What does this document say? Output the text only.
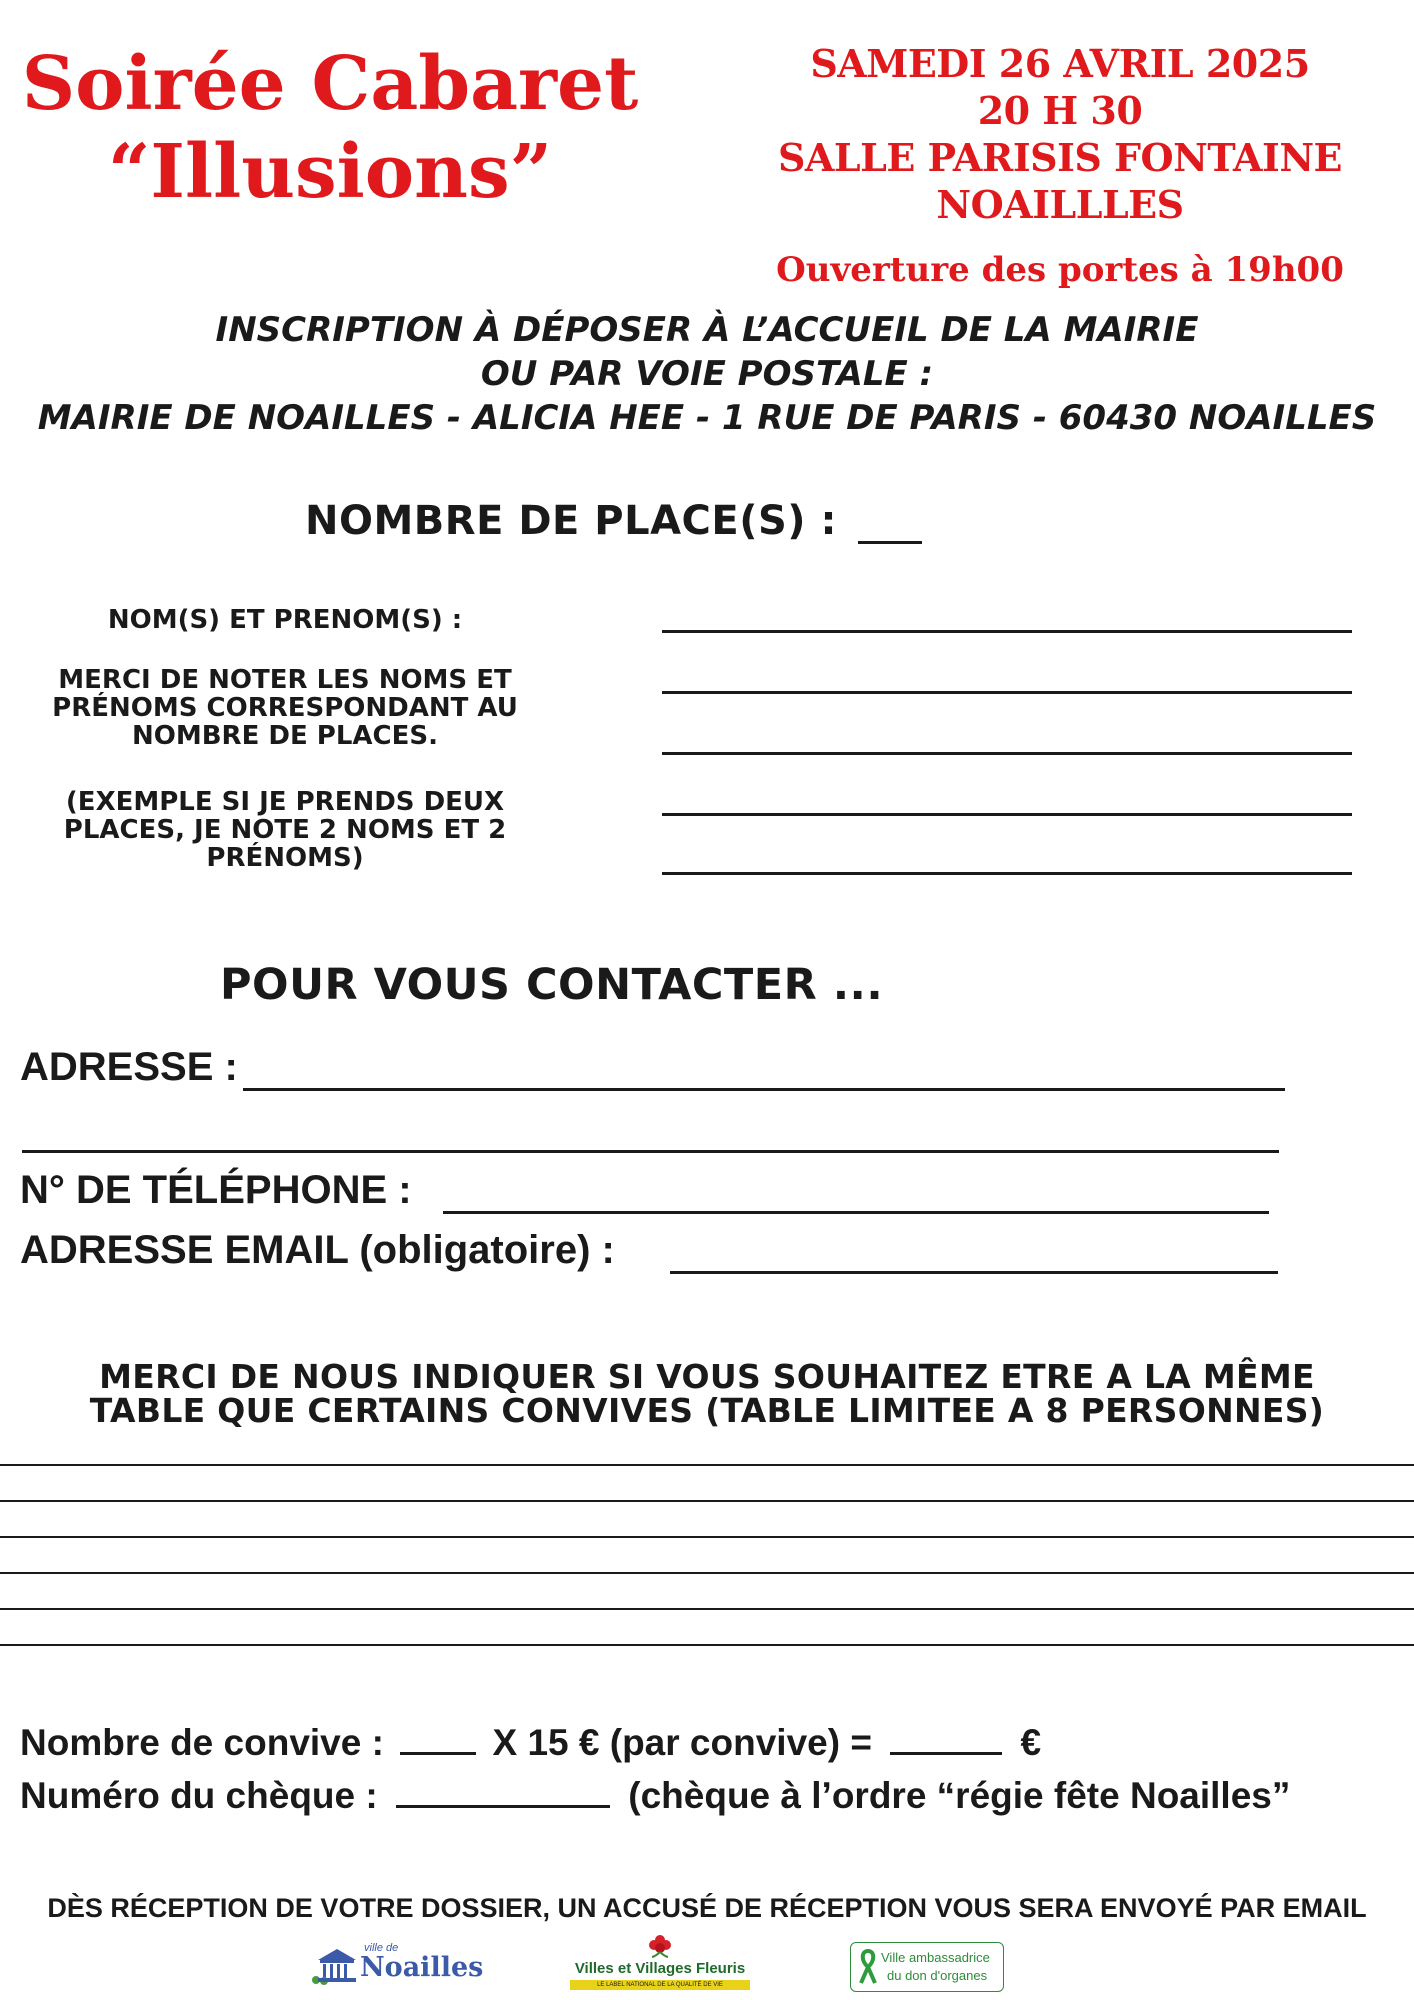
Soirée Cabaret
“Illusions”
SAMEDI 26 AVRIL 2025
20 H 30
SALLE PARISIS FONTAINE
NOAILLLES
Ouverture des portes à 19h00
INSCRIPTION À DÉPOSER À L’ACCUEIL DE LA MAIRIE
OU PAR VOIE POSTALE :
MAIRIE DE NOAILLES - ALICIA HEE - 1 RUE DE PARIS - 60430 NOAILLES
NOMBRE DE PLACE(S) :
NOM(S) ET PRENOM(S) :
MERCI DE NOTER LES NOMS ET PRÉNOMS CORRESPONDANT AU NOMBRE DE PLACES.
(EXEMPLE SI JE PRENDS DEUX PLACES, JE NOTE 2 NOMS ET 2 PRÉNOMS)
POUR VOUS CONTACTER ...
ADRESSE :
N° DE TÉLÉPHONE :
ADRESSE EMAIL (obligatoire) :
MERCI DE NOUS INDIQUER SI VOUS SOUHAITEZ ETRE A LA MÊME
TABLE QUE CERTAINS CONVIVES (TABLE LIMITEE A 8 PERSONNES)
Nombre de convive :	X 15 € (par convive) =	€
Numéro du chèque :	(chèque à l’ordre “régie fête Noailles”
DÈS RÉCEPTION DE VOTRE DOSSIER, UN ACCUSÉ DE RÉCEPTION VOUS SERA ENVOYÉ PAR EMAIL
ville de
Noailles	Villes et Villages Fleuris
LE LABEL NATIONAL DE LA QUALITÉ DE VIE
Ville ambassadrice
du don d'organes
